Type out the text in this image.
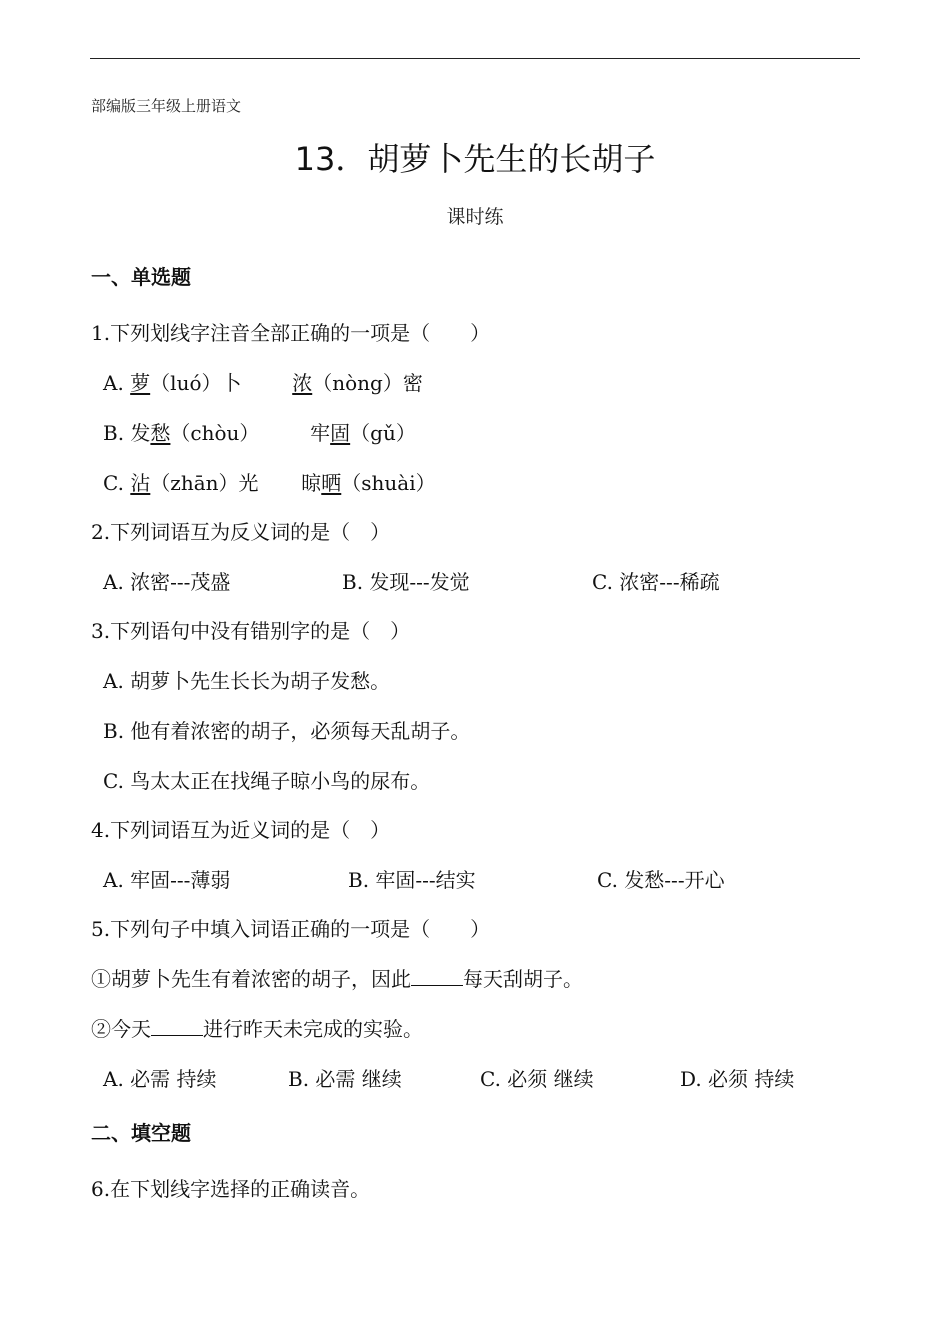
部编版三年级上册语文
13．胡萝卜先生的长胡子
课时练
一、单选题
1.下列划线字注音全部正确的一项是（　　）
A. 萝（luó）卜	浓（nòng）密
B. 发愁（chòu）	牢固（gǔ）
C. 沾（zhān）光 晾晒（shuài）
2.下列词语互为反义词的是（　）
A. 浓密---茂盛	B. 发现---发觉	C. 浓密---稀疏
3.下列语句中没有错别字的是（　）
A. 胡萝卜先生长长为胡子发愁。
B. 他有着浓密的胡子，必须每天乱胡子。
C. 鸟太太正在找绳子晾小鸟的尿布。
4.下列词语互为近义词的是（　）
A. 牢固---薄弱	B. 牢固---结实	C. 发愁---开心
5.下列句子中填入词语正确的一项是（　　）
①胡萝卜先生有着浓密的胡子，因此	每天刮胡子。
②今天	进行昨天未完成的实验。
A. 必需 持续	B. 必需 继续	C. 必须 继续	D. 必须 持续
二、填空题
6.在下划线字选择的正确读音。
